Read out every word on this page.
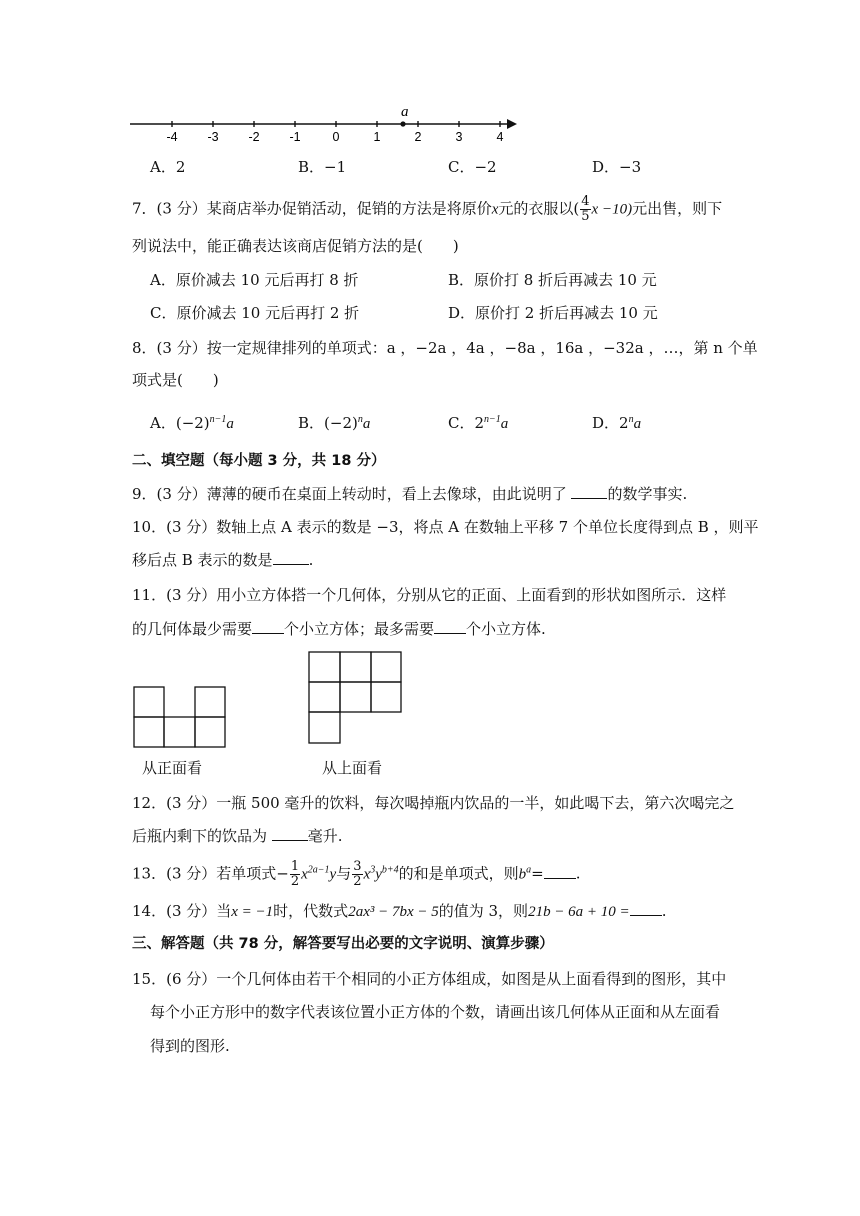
-4 -3 -2 -1	0	1	2	3	4
a
A．2	B．−1	C．−2	D．−3
7．(3 分）某商店举办促销活动，促销的方法是将原价x元的衣服以( $\frac{4}{5}$ x −10)元出售，则下
列说法中，能正确表达该商店促销方法的是(　　)
A．原价减去 10 元后再打 8 折	B．原价打 8 折后再减去 10 元
C．原价减去 10 元后再打 2 折	D．原价打 2 折后再减去 10 元
8．(3 分）按一定规律排列的单项式：a ，−2a ，4a ，−8a ，16a ，−32a ，…，第 n 个单
项式是(　　)
A．$(-2)^{n-1}a$	B．$(-2)^na$	C．$2^{n-1}a$	D．2$^n$a
二、填空题（每小题 3 分，共 18 分）
9．(3 分）薄薄的硬币在桌面上转动时，看上去像球，由此说明了 的数学事实.
10．(3 分）数轴上点 A 表示的数是 −3，将点 A 在数轴上平移 7 个单位长度得到点 B ，则平
移后点 B 表示的数是 .
11．(3 分）用小立方体搭一个几何体，分别从它的正面、上面看到的形状如图所示．这样
的几何体最少需要 个小立方体；最多需要 个小立方体.
从正面看	从上面看
12．(3 分）一瓶 500 毫升的饮料，每次喝掉瓶内饮品的一半，如此喝下去，第六次喝完之
后瓶内剩下的饮品为 毫升.
13．(3 分）若单项式− $\frac{1}{2} x^{2a-1}y$与 $\frac{3}{2} x^3y^{b+4}$的和是单项式，则$b^a=$ .
14．(3 分）当x = −1时，代数式2ax³ − 7bx − 5的值为 3，则21b − 6a + 10 = .
三、解答题（共 78 分，解答要写出必要的文字说明、演算步骤）
15．(6 分）一个几何体由若干个相同的小正方体组成，如图是从上面看得到的图形，其中
每个小正方形中的数字代表该位置小正方体的个数，请画出该几何体从正面和从左面看
得到的图形.
